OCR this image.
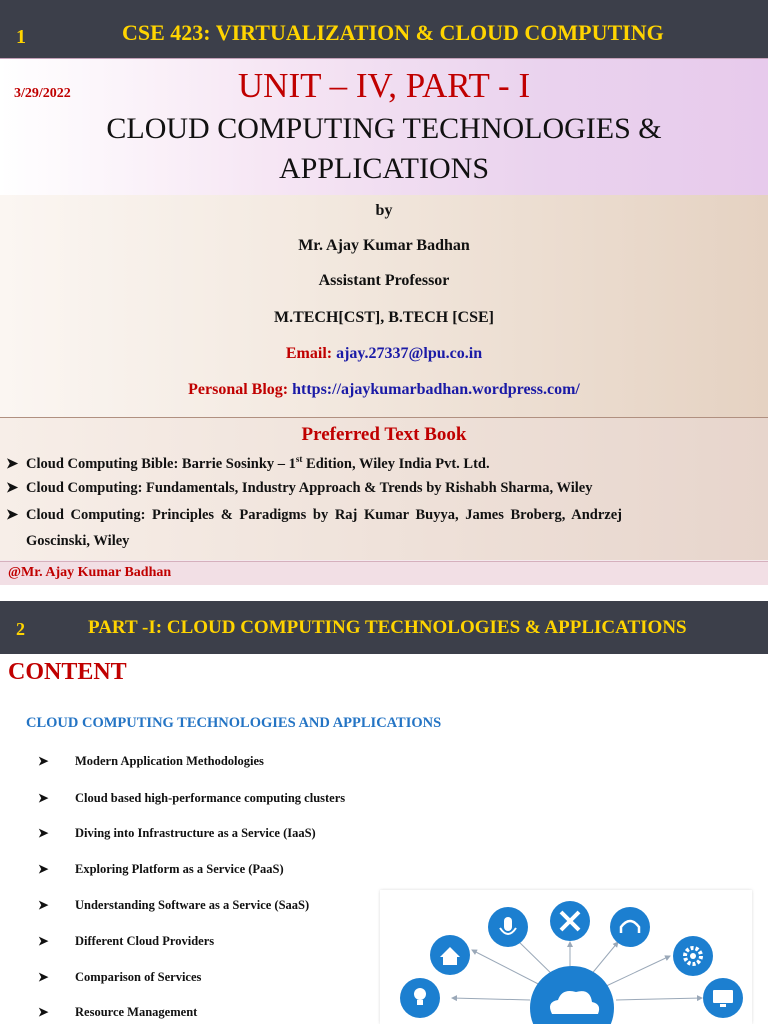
1	CSE 423: VIRTUALIZATION & CLOUD COMPUTING
3/29/2022	UNIT – IV, PART - I
CLOUD COMPUTING TECHNOLOGIES &
APPLICATIONS
by
Mr. Ajay Kumar Badhan
Assistant Professor
M.TECH[CST], B.TECH [CSE]
Email: ajay.27337@lpu.co.in
Personal Blog: https://ajaykumarbadhan.wordpress.com/
Preferred Text Book
➤ Cloud Computing Bible: Barrie Sosinky – 1st Edition, Wiley India Pvt. Ltd.
➤ Cloud Computing: Fundamentals, Industry Approach & Trends by Rishabh Sharma, Wiley
➤ Cloud Computing: Principles & Paradigms by Raj Kumar Buyya, James Broberg, Andrzej
Goscinski, Wiley
@Mr. Ajay Kumar Badhan
2	PART -I: CLOUD COMPUTING TECHNOLOGIES & APPLICATIONS
CONTENT
CLOUD COMPUTING TECHNOLOGIES AND APPLICATIONS
➤ Modern Application Methodologies
➤ Cloud based high-performance computing clusters
➤ Diving into Infrastructure as a Service (IaaS)
➤ Exploring Platform as a Service (PaaS)
➤ Understanding Software as a Service (SaaS)
➤ Different Cloud Providers
➤ Comparison of Services
➤ Resource Management
